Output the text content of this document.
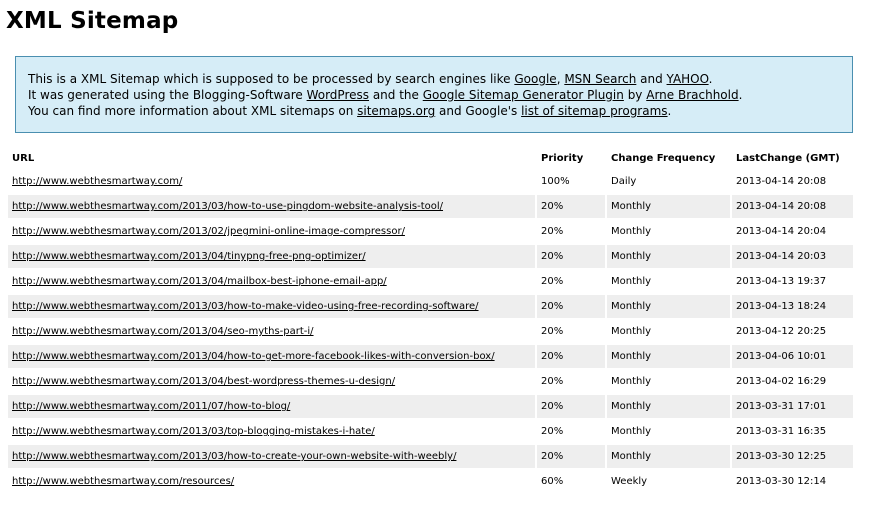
XML Sitemap
This is a XML Sitemap which is supposed to be processed by search engines like Google, MSN Search and YAHOO.
It was generated using the Blogging-Software WordPress and the Google Sitemap Generator Plugin by Arne Brachhold.
You can find more information about XML sitemaps on sitemaps.org and Google's list of sitemap programs.
URL	Priority	Change Frequency	LastChange (GMT)
http://www.webthesmartway.com/	100%	Daily	2013-04-14 20:08
http://www.webthesmartway.com/2013/03/how-to-use-pingdom-website-analysis-tool/	20%	Monthly	2013-04-14 20:08
http://www.webthesmartway.com/2013/02/jpegmini-online-image-compressor/	20%	Monthly	2013-04-14 20:04
http://www.webthesmartway.com/2013/04/tinypng-free-png-optimizer/	20%	Monthly	2013-04-14 20:03
http://www.webthesmartway.com/2013/04/mailbox-best-iphone-email-app/	20%	Monthly	2013-04-13 19:37
http://www.webthesmartway.com/2013/03/how-to-make-video-using-free-recording-software/	20%	Monthly	2013-04-13 18:24
http://www.webthesmartway.com/2013/04/seo-myths-part-i/	20%	Monthly	2013-04-12 20:25
http://www.webthesmartway.com/2013/04/how-to-get-more-facebook-likes-with-conversion-box/	20%	Monthly	2013-04-06 10:01
http://www.webthesmartway.com/2013/04/best-wordpress-themes-u-design/	20%	Monthly	2013-04-02 16:29
http://www.webthesmartway.com/2011/07/how-to-blog/	20%	Monthly	2013-03-31 17:01
http://www.webthesmartway.com/2013/03/top-blogging-mistakes-i-hate/	20%	Monthly	2013-03-31 16:35
http://www.webthesmartway.com/2013/03/how-to-create-your-own-website-with-weebly/	20%	Monthly	2013-03-30 12:25
http://www.webthesmartway.com/resources/	60%	Weekly	2013-03-30 12:14
